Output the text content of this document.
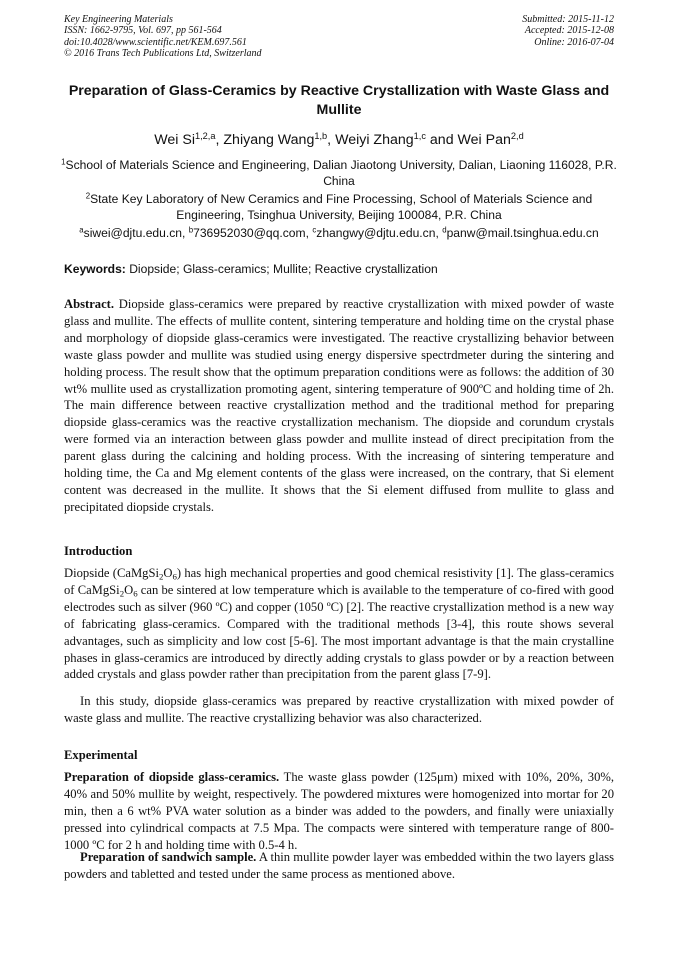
Key Engineering Materials
ISSN: 1662-9795, Vol. 697, pp 561-564
doi:10.4028/www.scientific.net/KEM.697.561
© 2016 Trans Tech Publications Ltd, Switzerland
Submitted: 2015-11-12
Accepted: 2015-12-08
Online: 2016-07-04
Preparation of Glass-Ceramics by Reactive Crystallization with Waste Glass and Mullite
Wei Si$^{1,2,a}$, Zhiyang Wang$^{1,b}$, Weiyi Zhang$^{1,c}$ and Wei Pan$^{2,d}$
$^1$School of Materials Science and Engineering, Dalian Jiaotong University, Dalian, Liaoning 116028, P.R. China
$^2$State Key Laboratory of New Ceramics and Fine Processing, School of Materials Science and Engineering, Tsinghua University, Beijing 100084, P.R. China
$^a$siwei@djtu.edu.cn, $^b$736952030@qq.com, $^c$zhangwy@djtu.edu.cn, $^d$panw@mail.tsinghua.edu.cn
Keywords: Diopside; Glass-ceramics; Mullite; Reactive crystallization

Abstract. Diopside glass-ceramics were prepared by reactive crystallization with mixed powder of waste glass and mullite. The effects of mullite content, sintering temperature and holding time on the crystal phase and morphology of diopside glass-ceramics were investigated. The reactive crystallizing behavior between waste glass powder and mullite was studied using energy dispersive spectrdmeter during the sintering and holding process. The result show that the optimum preparation conditions were as follows: the addition of 30 wt% mullite used as crystallization promoting agent, sintering temperature of 900ºC and holding time of 2h. The main difference between reactive crystallization method and the traditional method for preparing diopside glass-ceramics was the reactive crystallization mechanism. The diopside and corundum crystals were formed via an interaction between glass powder and mullite instead of direct precipitation from the parent glass during the calcining and holding process. With the increasing of sintering temperature and holding time, the Ca and Mg element contents of the glass were increased, on the contrary, that Si element content was decreased in the mullite. It shows that the Si element diffused from mullite to glass and precipitated diopside crystals.

Introduction

Diopside $(CaMgSi_2O_6)$ has high mechanical properties and good chemical resistivity [1]. The glass-ceramics of $CaMgSi_2O_6$ can be sintered at low temperature which is available to the temperature of co-fired with good electrodes such as silver (960 ºC) and copper (1050 ºC) [2]. The reactive crystallization method is a new way of fabricating glass-ceramics. Compared with the traditional methods [3-4], this route shows several advantages, such as simplicity and low cost [5-6]. The most important advantage is that the main crystalline phases in glass-ceramics are introduced by directly adding crystals to glass powder or by a reaction between added crystals and glass powder rather than precipitation from the parent glass [7-9].

In this study, diopside glass-ceramics was prepared by reactive crystallization with mixed powder of waste glass and mullite. The reactive crystallizing behavior was also characterized.

Experimental

Preparation of diopside glass-ceramics. The waste glass powder (125μm) mixed with 10%, 20%, 30%, 40% and 50% mullite by weight, respectively. The powdered mixtures were homogenized into mortar for 20 min, then a 6 wt% PVA water solution as a binder was added to the powders, and finally were uniaxially pressed into cylindrical compacts at 7.5 Mpa. The compacts were sintered with temperature range of 800-1000 ºC for 2 h and holding time with 0.5-4 h.

Preparation of sandwich sample. A thin mullite powder layer was embedded within the two layers glass powders and tabletted and tested under the same process as mentioned above.
